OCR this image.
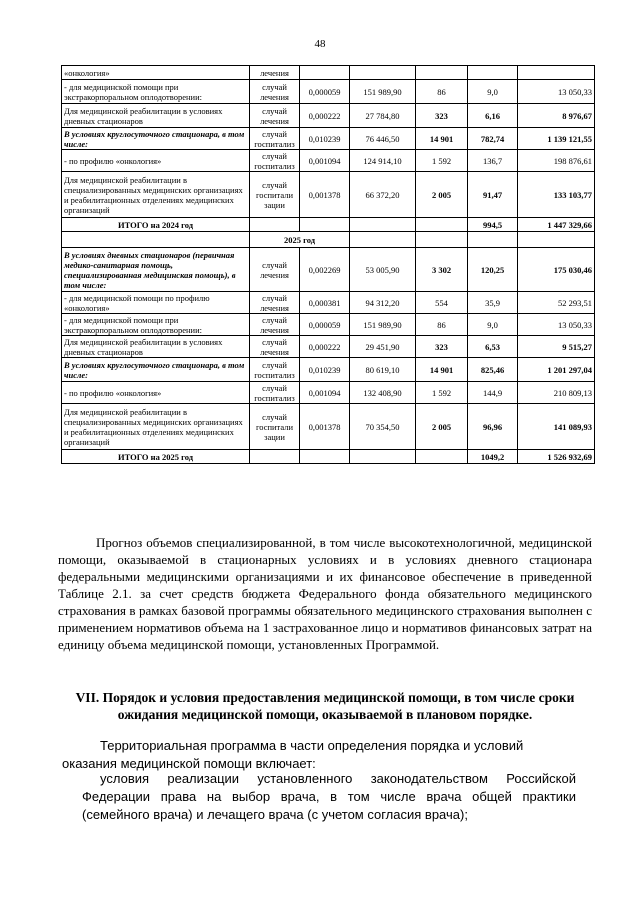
48
«онкология»	лечения					
- для медицинской помощи при экстракорпоральном оплодотворении:	случай лечения	0,000059	151 989,90	86	9,0	13 050,33
Для медицинской реабилитации в условиях дневных стационаров	случай лечения	0,000222	27 784,80	323	6,16	8 976,67
В условиях круглосуточного стационара, в том числе:	случай госпитализ	0,010239	76 446,50	14 901	782,74	1 139 121,55
- по профилю «онкология»	случай госпитализ	0,001094	124 914,10	1 592	136,7	198 876,61
Для медицинской реабилитации в специализированных медицинских организациях и реабилитационных отделениях медицинских организаций	случай госпитали зации	0,001378	66 372,20	2 005	91,47	133 103,77
ИТОГО на 2024 год					994,5	1 447 329,66
	2025 год					
В условиях дневных стационаров (первичная медико-санитарная помощь, специализированная медицинская помощь), в том числе:	случай лечения	0,002269	53 005,90	3 302	120,25	175 030,46
- для медицинской помощи по профилю «онкология»	случай лечения	0,000381	94 312,20	554	35,9	52 293,51
- для медицинской помощи при экстракорпоральном оплодотворении:	случай лечения	0,000059	151 989,90	86	9,0	13 050,33
Для медицинской реабилитации в условиях дневных стационаров	случай лечения	0,000222	29 451,90	323	6,53	9 515,27
В условиях круглосуточного стационара, в том числе:	случай госпитализ	0,010239	80 619,10	14 901	825,46	1 201 297,04
- по профилю «онкология»	случай госпитализ	0,001094	132 408,90	1 592	144,9	210 809,13
Для медицинской реабилитации в специализированных медицинских организациях и реабилитационных отделениях медицинских организаций	случай госпитали зации	0,001378	70 354,50	2 005	96,96	141 089,93
ИТОГО на 2025 год					1049,2	1 526 932,69
Прогноз объемов специализированной, в том числе высокотехнологичной, медицинской помощи, оказываемой в стационарных условиях и в условиях дневного стационара федеральными медицинскими организациями и их финансовое обеспечение в приведенной Таблице 2.1. за счет средств бюджета Федерального фонда обязательного медицинского страхования в рамках базовой программы обязательного медицинского страхования выполнен с применением нормативов объема на 1 застрахованное лицо и нормативов финансовых затрат на единицу объема медицинской помощи, установленных Программой.
VII. Порядок и условия предоставления медицинской помощи, в том числе сроки ожидания медицинской помощи, оказываемой в плановом порядке.
Территориальная программа в части определения порядка и условий оказания медицинской помощи включает:
условия реализации установленного законодательством Российской Федерации права на выбор врача, в том числе врача общей практики (семейного врача) и лечащего врача (с учетом согласия врача);
